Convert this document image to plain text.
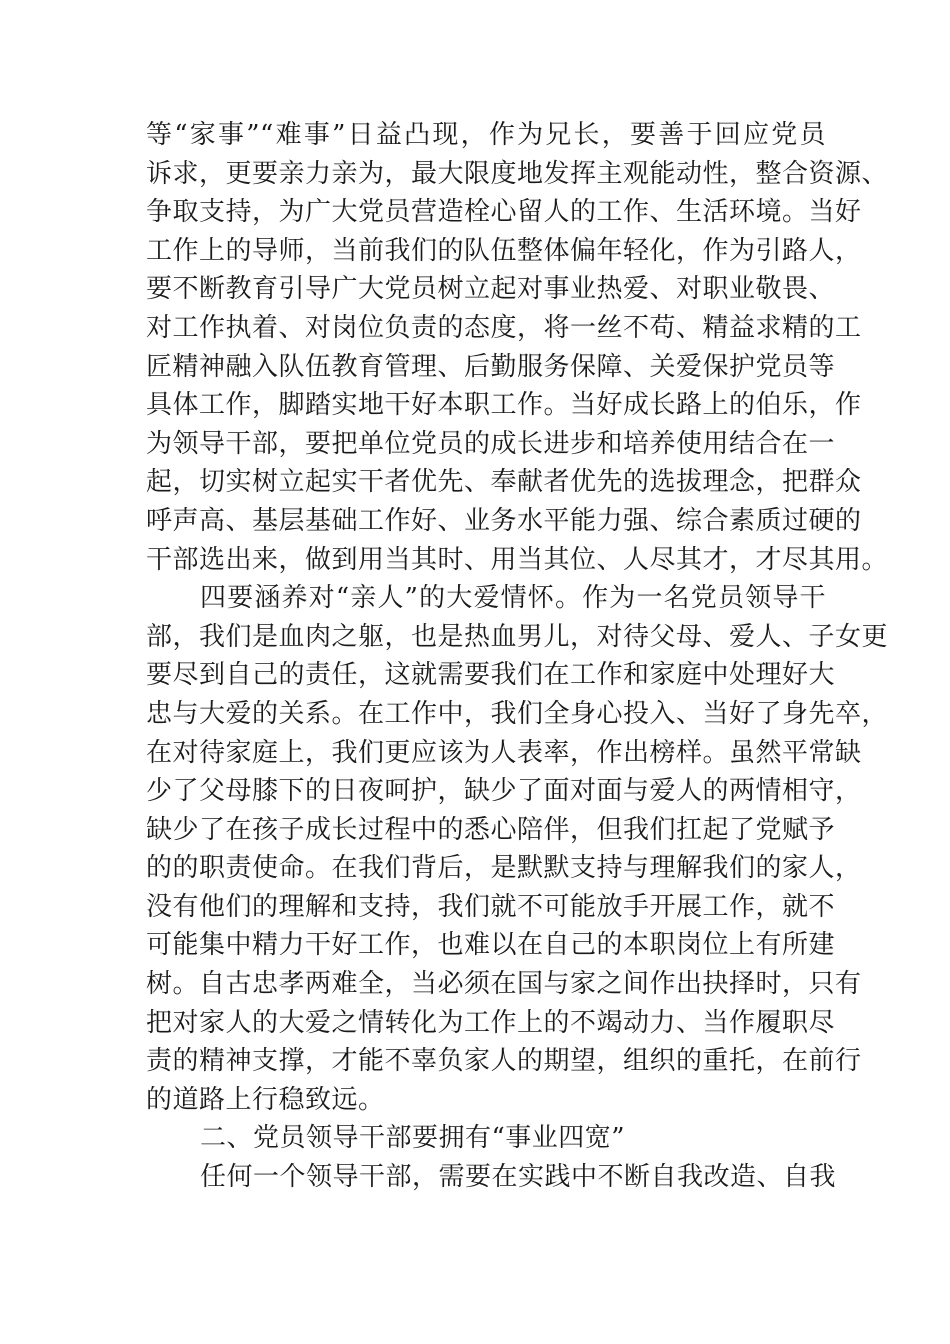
等“家事”“难事”日益凸现，作为兄长，要善于回应党员
诉求，更要亲力亲为，最大限度地发挥主观能动性，整合资源、
争取支持，为广大党员营造栓心留人的工作、生活环境。当好
工作上的导师，当前我们的队伍整体偏年轻化，作为引路人，
要不断教育引导广大党员树立起对事业热爱、对职业敬畏、
对工作执着、对岗位负责的态度，将一丝不苟、精益求精的工
匠精神融入队伍教育管理、后勤服务保障、关爱保护党员等
具体工作，脚踏实地干好本职工作。当好成长路上的伯乐，作
为领导干部，要把单位党员的成长进步和培养使用结合在一
起，切实树立起实干者优先、奉献者优先的选拔理念，把群众
呼声高、基层基础工作好、业务水平能力强、综合素质过硬的
干部选出来，做到用当其时、用当其位、人尽其才，才尽其用。
四要涵养对“亲人”的大爱情怀。作为一名党员领导干
部，我们是血肉之躯，也是热血男儿，对待父母、爱人、子女更
要尽到自己的责任，这就需要我们在工作和家庭中处理好大
忠与大爱的关系。在工作中，我们全身心投入、当好了身先卒，
在对待家庭上，我们更应该为人表率，作出榜样。虽然平常缺
少了父母膝下的日夜呵护，缺少了面对面与爱人的两情相守，
缺少了在孩子成长过程中的悉心陪伴，但我们扛起了党赋予
的的职责使命。在我们背后，是默默支持与理解我们的家人，
没有他们的理解和支持，我们就不可能放手开展工作，就不
可能集中精力干好工作，也难以在自己的本职岗位上有所建
树。自古忠孝两难全，当必须在国与家之间作出抉择时，只有
把对家人的大爱之情转化为工作上的不竭动力、当作履职尽
责的精神支撑，才能不辜负家人的期望，组织的重托，在前行
的道路上行稳致远。
二、党员领导干部要拥有“事业四宽”
任何一个领导干部，需要在实践中不断自我改造、自我
